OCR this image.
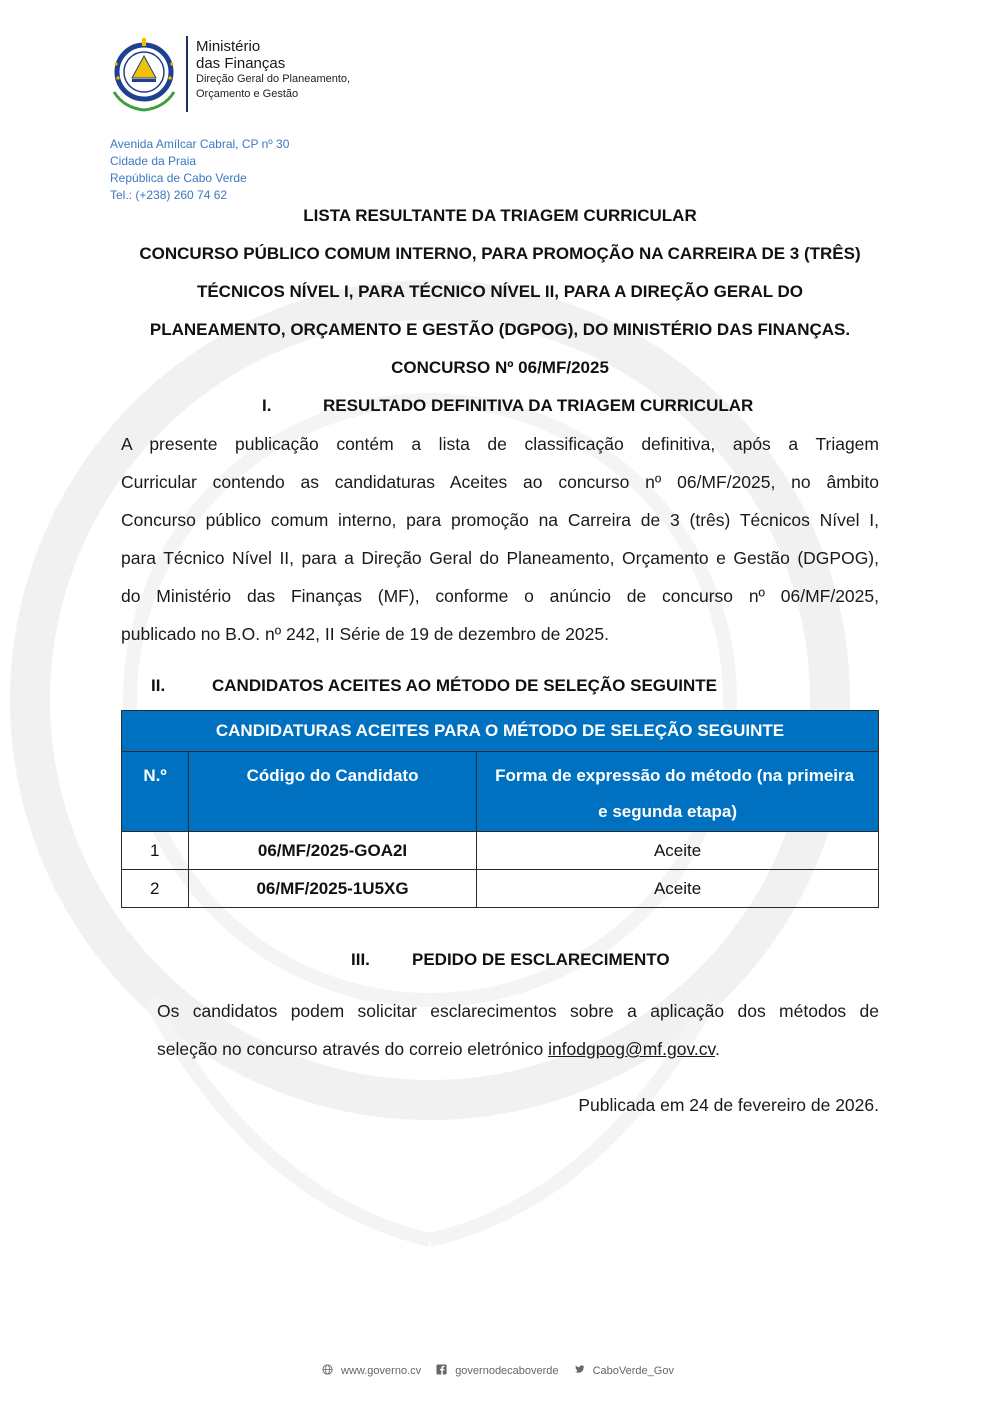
Ministério
das Finanças
Direção Geral do Planeamento,
Orçamento e Gestão
Avenida Amílcar Cabral, CP nº 30
Cidade da Praia
República de Cabo Verde
Tel.: (+238) 260 74 62
LISTA RESULTANTE DA TRIAGEM CURRICULAR
CONCURSO PÚBLICO COMUM INTERNO, PARA PROMOÇÃO NA CARREIRA DE 3 (TRÊS)
TÉCNICOS NÍVEL I, PARA TÉCNICO NÍVEL II, PARA A DIREÇÃO GERAL DO
PLANEAMENTO, ORÇAMENTO E GESTÃO (DGPOG), DO MINISTÉRIO DAS FINANÇAS.
CONCURSO Nº 06/MF/2025
I.	RESULTADO DEFINITIVA DA TRIAGEM CURRICULAR
A presente publicação contém a lista de classificação definitiva, após a Triagem
Curricular contendo as candidaturas Aceites ao concurso nº 06/MF/2025, no âmbito
Concurso público comum interno, para promoção na Carreira de 3 (três) Técnicos Nível I,
para Técnico Nível II, para a Direção Geral do Planeamento, Orçamento e Gestão (DGPOG),
do Ministério das Finanças (MF), conforme o anúncio de concurso nº 06/MF/2025,
publicado no B.O. nº 242, II Série de 19 de dezembro de 2025.
II.	CANDIDATOS ACEITES AO MÉTODO DE SELEÇÃO SEGUINTE
CANDIDATURAS ACEITES PARA O MÉTODO DE SELEÇÃO SEGUINTE		
N.º	Código do Candidato	Forma de expressão do método (na primeira
e segunda etapa)

1	06/MF/2025-GOA2I	Aceite
2	06/MF/2025-1U5XG	Aceite
III. PEDIDO DE ESCLARECIMENTO
Os candidatos podem solicitar esclarecimentos sobre a aplicação dos métodos de
seleção no concurso através do correio eletrónico infodgpog@mf.gov.cv.
Publicada em 24 de fevereiro de 2026.
www.governo.cv	governodecaboverde	CaboVerde_Gov
